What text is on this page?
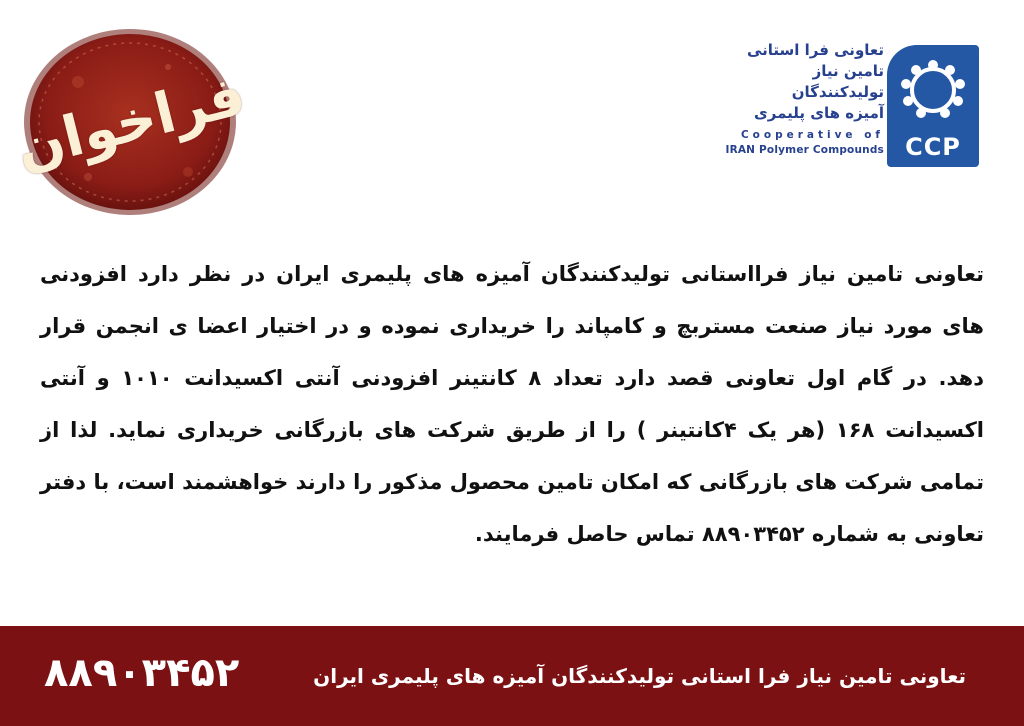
فراخوان
تعاونی فرا استانی
تامین نیاز
تولیدکنندگان
آمیزه های پلیمری
Cooperative of
IRAN Polymer Compounds CCP
تعاونی تامین نیاز فرااستانی تولیدکنندگان آمیزه های پلیمری ایران در نظر دارد افزودنی های مورد نیاز صنعت مستربچ و کامپاند را خریداری نموده و در اختیار اعضا ی انجمن قرار دهد. در گام اول تعاونی قصد دارد تعداد ۸ کانتینر افزودنی آنتی اکسیدانت ۱۰۱۰ و آنتی اکسیدانت ۱۶۸ (هر یک ۴کانتینر ) را از طریق شرکت های بازرگانی خریداری نماید. لذا از تمامی شرکت های بازرگانی که امکان تامین محصول مذکور را دارند خواهشمند است، با دفتر تعاونی به شماره ۸۸۹۰۳۴۵۲ تماس حاصل فرمایند.
۸۸۹۰۳۴۵۲	تعاونی تامین نیاز فرا استانی تولیدکنندگان آمیزه های پلیمری ایران
